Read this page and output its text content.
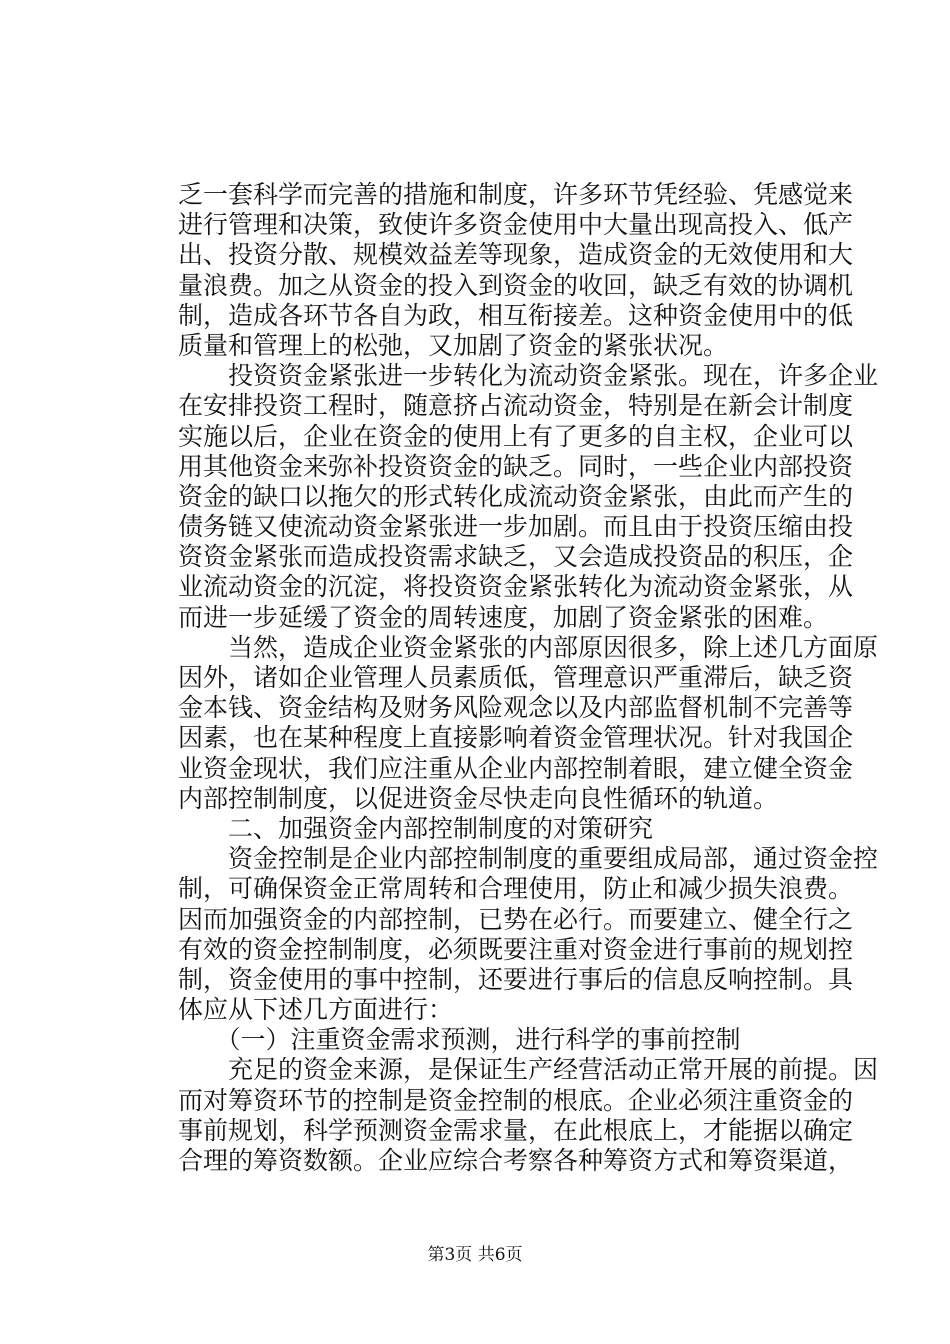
乏一套科学而完善的措施和制度，许多环节凭经验、凭感觉来
进行管理和决策，致使许多资金使用中大量出现高投入、低产
出、投资分散、规模效益差等现象，造成资金的无效使用和大
量浪费。加之从资金的投入到资金的收回，缺乏有效的协调机
制，造成各环节各自为政，相互衔接差。这种资金使用中的低
质量和管理上的松弛，又加剧了资金的紧张状况。
　　投资资金紧张进一步转化为流动资金紧张。现在，许多企业
在安排投资工程时，随意挤占流动资金，特别是在新会计制度
实施以后，企业在资金的使用上有了更多的自主权，企业可以
用其他资金来弥补投资资金的缺乏。同时，一些企业内部投资
资金的缺口以拖欠的形式转化成流动资金紧张，由此而产生的
债务链又使流动资金紧张进一步加剧。而且由于投资压缩由投
资资金紧张而造成投资需求缺乏，又会造成投资品的积压，企
业流动资金的沉淀，将投资资金紧张转化为流动资金紧张，从
而进一步延缓了资金的周转速度，加剧了资金紧张的困难。
　　当然，造成企业资金紧张的内部原因很多，除上述几方面原
因外，诸如企业管理人员素质低，管理意识严重滞后，缺乏资
金本钱、资金结构及财务风险观念以及内部监督机制不完善等
因素，也在某种程度上直接影响着资金管理状况。针对我国企
业资金现状，我们应注重从企业内部控制着眼，建立健全资金
内部控制制度，以促进资金尽快走向良性循环的轨道。
　　二、加强资金内部控制制度的对策研究
　　资金控制是企业内部控制制度的重要组成局部，通过资金控
制，可确保资金正常周转和合理使用，防止和减少损失浪费。
因而加强资金的内部控制，已势在必行。而要建立、健全行之
有效的资金控制制度，必须既要注重对资金进行事前的规划控
制，资金使用的事中控制，还要进行事后的信息反响控制。具
体应从下述几方面进行：
　　（一）注重资金需求预测，进行科学的事前控制
　　充足的资金来源，是保证生产经营活动正常开展的前提。因
而对筹资环节的控制是资金控制的根底。企业必须注重资金的
事前规划，科学预测资金需求量，在此根底上，才能据以确定
合理的筹资数额。企业应综合考察各种筹资方式和筹资渠道，
第3页 共6页
